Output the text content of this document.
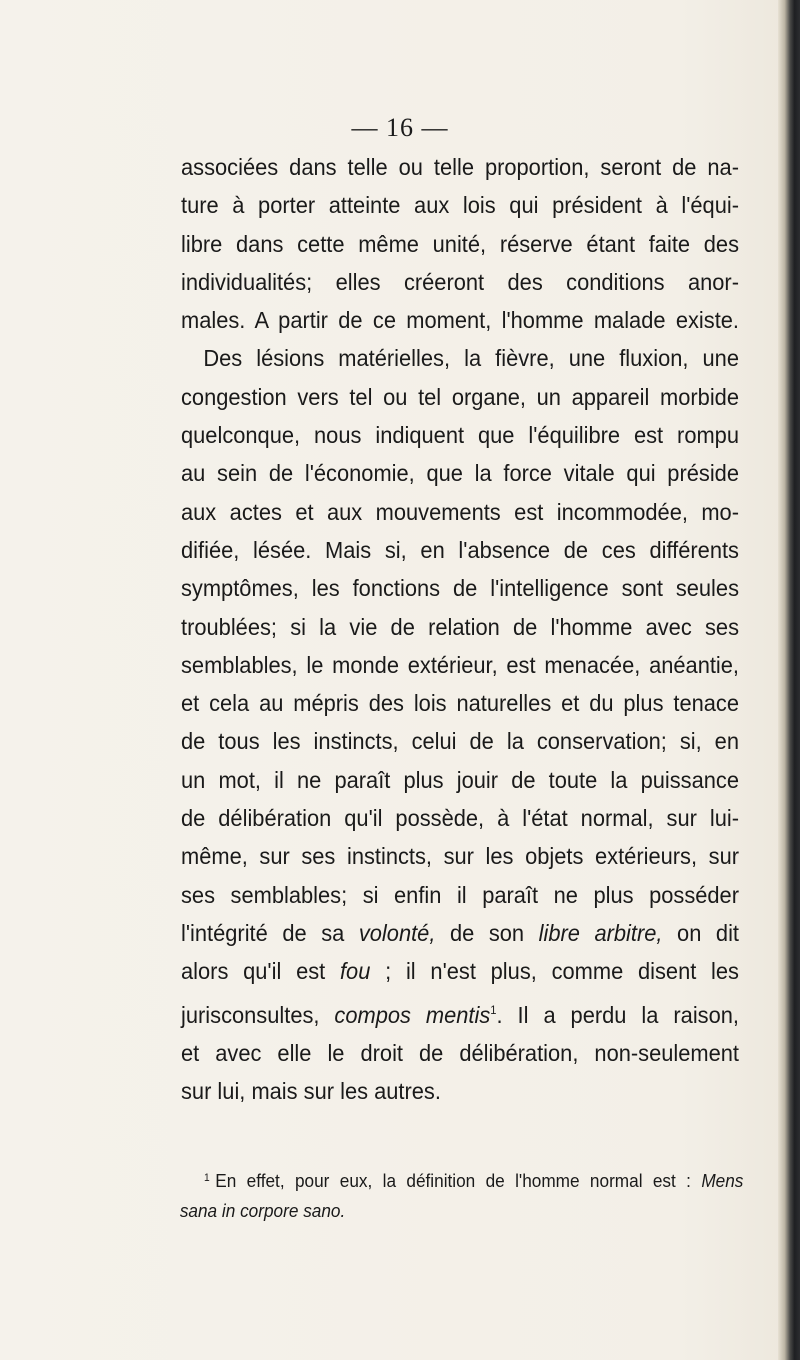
— 16 —
associées dans telle ou telle proportion, seront de na-
ture à porter atteinte aux lois qui président à l'équi-
libre dans cette même unité, réserve étant faite des
individualités; elles créeront des conditions anor-
males. A partir de ce moment, l'homme malade existe.
Des lésions matérielles, la fièvre, une fluxion, une
congestion vers tel ou tel organe, un appareil morbide
quelconque, nous indiquent que l'équilibre est rompu
au sein de l'économie, que la force vitale qui préside
aux actes et aux mouvements est incommodée, mo-
difiée, lésée. Mais si, en l'absence de ces différents
symptômes, les fonctions de l'intelligence sont seules
troublées; si la vie de relation de l'homme avec ses
semblables, le monde extérieur, est menacée, anéantie,
et cela au mépris des lois naturelles et du plus tenace
de tous les instincts, celui de la conservation; si, en
un mot, il ne paraît plus jouir de toute la puissance
de délibération qu'il possède, à l'état normal, sur lui-
même, sur ses instincts, sur les objets extérieurs, sur
ses semblables; si enfin il paraît ne plus posséder
l'intégrité de sa volonté, de son libre arbitre, on dit
alors qu'il est fou ; il n'est plus, comme disent les
jurisconsultes, compos mentis$^1$. Il a perdu la raison,
et avec elle le droit de délibération, non-seulement
sur lui, mais sur les autres.
$^1$ En effet, pour eux, la définition de l'homme normal est : Mens
sana in corpore sano.
